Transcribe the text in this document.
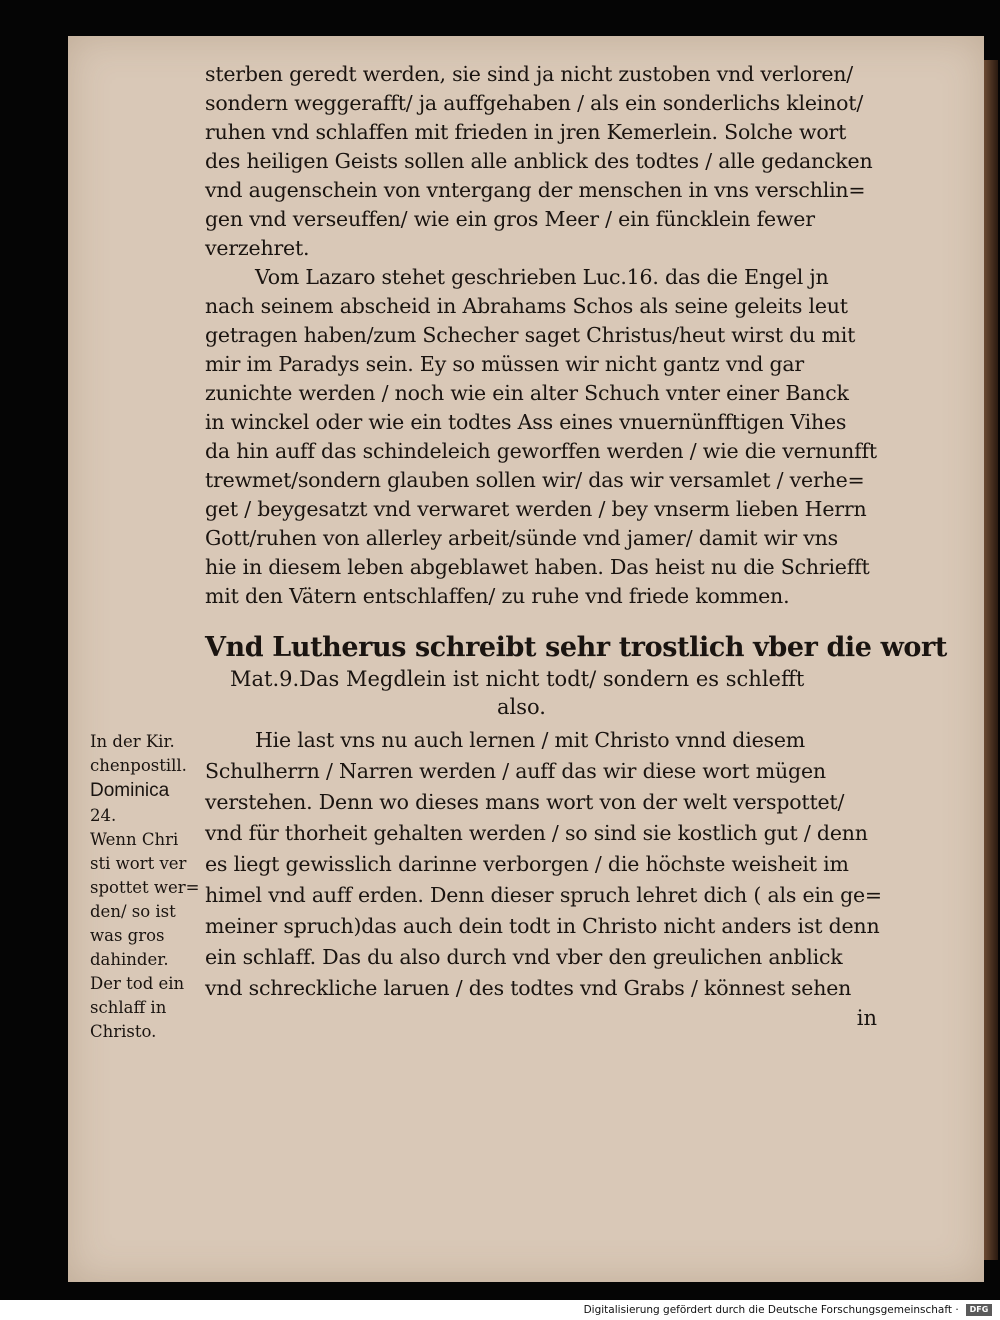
sterben geredt werden, sie sind ja nicht zustoben vnd verloren/
sondern weggerafft/ ja auffgehaben / als ein sonderlichs kleinot/
ruhen vnd schlaffen mit frieden in jren Kemerlein. Solche wort
des heiligen Geists sollen alle anblick des todtes / alle gedancken
vnd augenschein von vntergang der menschen in vns verschlin=
gen vnd verseuffen/ wie ein gros Meer / ein füncklein fewer
verzehret.
Vom Lazaro stehet geschrieben Luc.16. das die Engel jn
nach seinem abscheid in Abrahams Schos als seine geleits leut
getragen haben/zum Schecher saget Christus/heut wirst du mit
mir im Paradys sein. Ey so müssen wir nicht gantz vnd gar
zunichte werden / noch wie ein alter Schuch vnter einer Banck
in winckel oder wie ein todtes Ass eines vnuernünfftigen Vihes
da hin auff das schindeleich geworffen werden / wie die vernunfft
trewmet/sondern glauben sollen wir/ das wir versamlet / verhe=
get / beygesatzt vnd verwaret werden / bey vnserm lieben Herrn
Gott/ruhen von allerley arbeit/sünde vnd jamer/ damit wir vns
hie in diesem leben abgeblawet haben. Das heist nu die Schriefft
mit den Vätern entschlaffen/ zu ruhe vnd friede kommen.
Vnd Lutherus schreibt sehr trostlich vber die wort
Mat.9.Das Megdlein ist nicht todt/ sondern es schlefft
also.
Hie last vns nu auch lernen / mit Christo vnnd diesem
Schulherrn / Narren werden / auff das wir diese wort mügen
verstehen. Denn wo dieses mans wort von der welt verspottet/
vnd für thorheit gehalten werden / so sind sie kostlich gut / denn
es liegt gewisslich darinne verborgen / die höchste weisheit im
himel vnd auff erden. Denn dieser spruch lehret dich ( als ein ge=
meiner spruch)das auch dein todt in Christo nicht anders ist denn
ein schlaff. Das du also durch vnd vber den greulichen anblick
vnd schreckliche laruen / des todtes vnd Grabs / könnest sehen
in
In der Kir.
chenpostill.
Dominica
24.
Wenn Chri
sti wort ver
spottet wer=
den/ so ist
was gros
dahinder.
Der tod ein
schlaff in
Christo.
Digitalisierung gefördert durch die Deutsche Forschungsgemeinschaft · DFG
